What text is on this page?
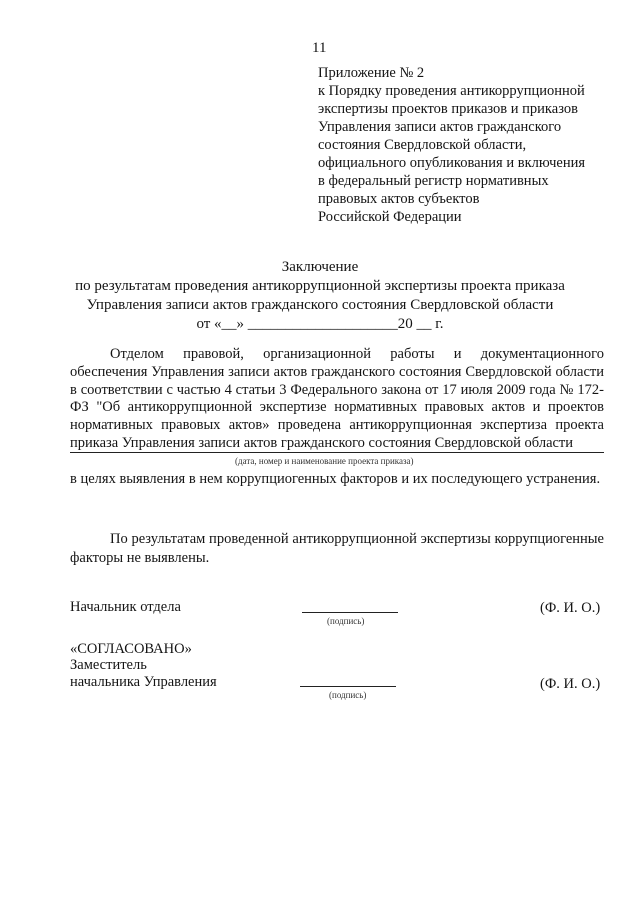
11
Приложение № 2
к Порядку проведения антикоррупционной
экспертизы проектов приказов и приказов
Управления записи актов гражданского
состояния Свердловской области,
официального опубликования и включения
в федеральный регистр нормативных
правовых актов субъектов
Российской Федерации
Заключение
по результатам проведения антикоррупционной экспертизы проекта приказа
Управления записи актов гражданского состояния Свердловской области
от «__» ____________________20 __ г.
Отделом правовой, организационной работы и документационного обеспечения Управления записи актов гражданского состояния Свердловской области в соответствии с частью 4 статьи 3 Федерального закона от 17 июля 2009 года № 172-ФЗ "Об антикоррупционной экспертизе нормативных правовых актов и проектов нормативных правовых актов» проведена антикоррупционная экспертиза проекта приказа Управления записи актов гражданского состояния Свердловской области
(дата, номер и наименование проекта приказа)
в целях выявления в нем коррупциогенных факторов и их последующего устранения.
По результатам проведенной антикоррупционной экспертизы коррупциогенные факторы не выявлены.
Начальник отдела
(подпись)
(Ф. И. О.)
«СОГЛАСОВАНО»
Заместитель
начальника Управления
(подпись)
(Ф. И. О.)
